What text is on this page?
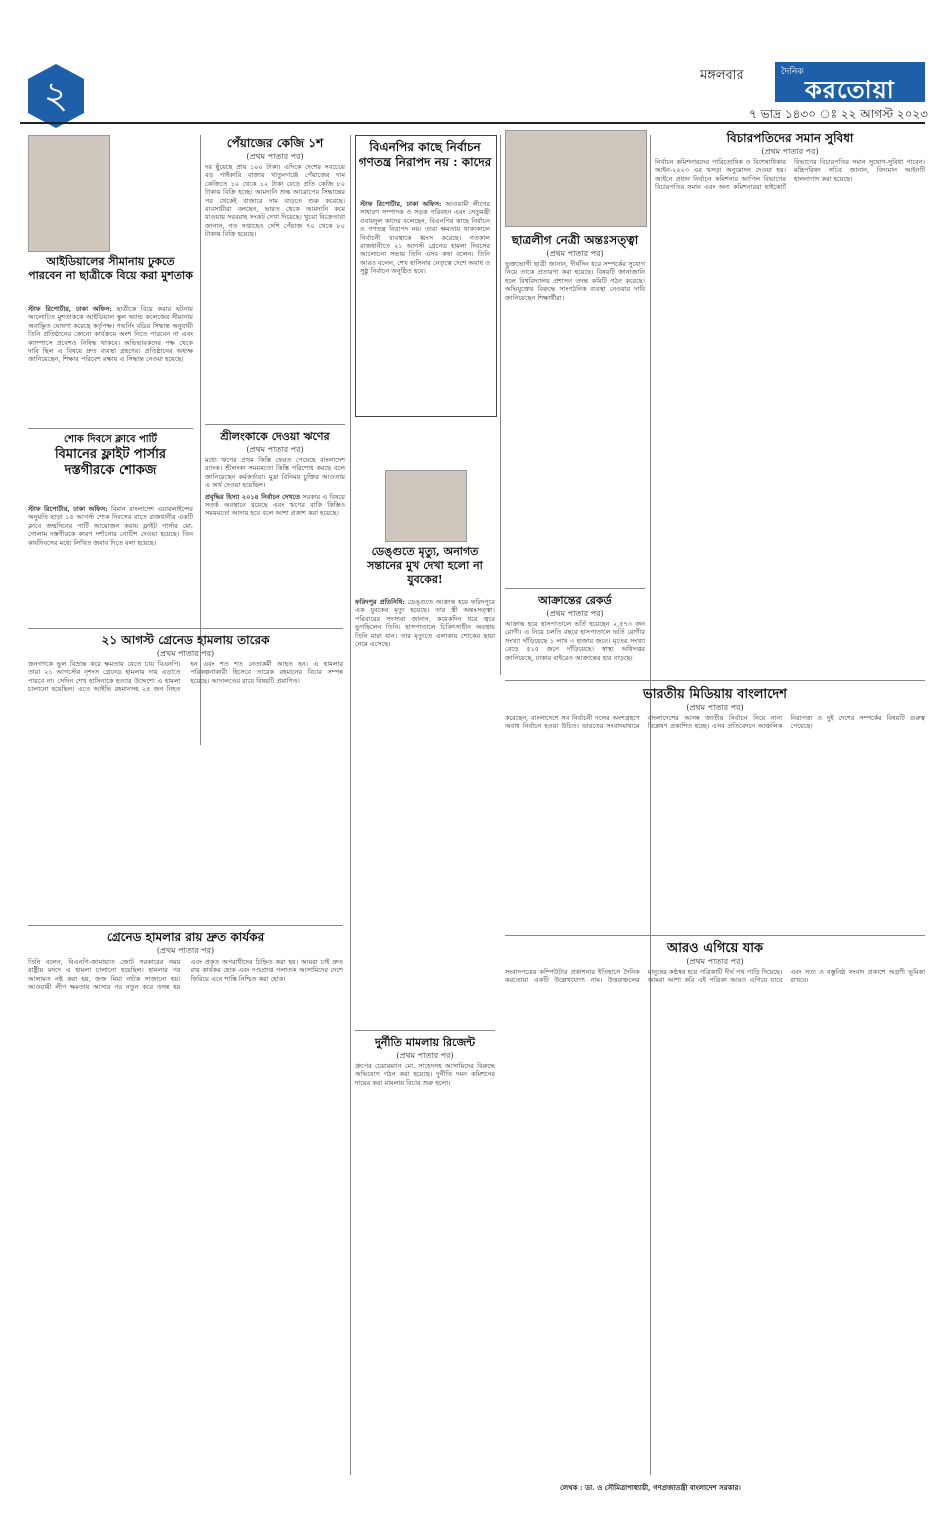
২	মঙ্গলবার	দৈনিক
করতোয়া
৭ ভাদ্র ১৪৩০ ঃ ২২ আগস্ট ২০২৩
আইডিয়ালের সীমানায় ঢুকতে পারবেন না ছাত্রীকে বিয়ে করা মুশতাক

স্টাফ রিপোর্টার, ঢাকা অফিস: ছাত্রীকে বিয়ে করার ঘটনায় আলোচিত মুশতাককে আইডিয়াল স্কুল অ্যান্ড কলেজের সীমানায় অবাঞ্ছিত ঘোষণা করেছে কর্তৃপক্ষ। গভর্নিং বডির সিদ্ধান্ত অনুযায়ী তিনি প্রতিষ্ঠানের কোনো কার্যক্রমে অংশ নিতে পারবেন না এবং ক্যাম্পাসে প্রবেশও নিষিদ্ধ থাকবে। অভিভাবকদের পক্ষ থেকে দাবি ছিল এ বিষয়ে দ্রুত ব্যবস্থা গ্রহণের। প্রতিষ্ঠানের অধ্যক্ষ জানিয়েছেন, শিক্ষার পরিবেশ রক্ষায় এ সিদ্ধান্ত নেওয়া হয়েছে।

শোক দিবসে ক্লাবে পার্টি
বিমানের ফ্লাইট পার্সার দস্তগীরকে শোকজ

স্টাফ রিপোর্টার, ঢাকা অফিস: বিমান বাংলাদেশ এয়ারলাইন্সের অনুমতি ছাড়া ১৫ আগস্ট শোক দিবসের রাতে রাজধানীর একটি ক্লাবে জন্মদিনের পার্টি আয়োজন করায় ফ্লাইট পার্সার মো. গোলাম দস্তগীরকে কারণ দর্শানোর নোটিশ দেওয়া হয়েছে। তিন কার্যদিবসের মধ্যে লিখিত জবাব দিতে বলা হয়েছে।

২১ আগস্ট গ্রেনেড হামলায় তারেক
(প্রথম পাতার পর)

জনগণকে ভুল বিভ্রান্ত করে ক্ষমতায় যেতে চায় বিএনপি। তারা ২১ আগস্টের নৃশংস গ্রেনেড হামলার দায় এড়াতে পারবে না। সেদিন শেখ হাসিনাকে হত্যার উদ্দেশ্যে এ হামলা চালানো হয়েছিল। এতে আইভি রহমানসহ ২৪ জন নিহত হন এবং শত শত নেতাকর্মী আহত হন। এ হামলার পরিকল্পনাকারী হিসেবে তারেক রহমানের বিচার সম্পন্ন হয়েছে। আদালতের রায়ে বিষয়টি প্রমাণিত।

গ্রেনেড হামলার রায় দ্রুত কার্যকর
(প্রথম পাতার পর)

তিনি বলেন, বিএনপি-জামায়াত জোট সরকারের সময় রাষ্ট্রীয় মদদে এ হামলা চালানো হয়েছিল। হামলার পর আলামত নষ্ট করা হয়, জজ মিয়া নাটক সাজানো হয়। আওয়ামী লীগ ক্ষমতায় আসার পর নতুন করে তদন্ত হয় এবং প্রকৃত অপরাধীদের চিহ্নিত করা হয়। আমরা চাই দ্রুত রায় কার্যকর হোক এবং দণ্ডপ্রাপ্ত পলাতক আসামিদের দেশে ফিরিয়ে এনে শাস্তি নিশ্চিত করা হোক।

পেঁয়াজের কেজি ১শ
(প্রথম পাতার পর)

দর ছুঁয়েছে প্রায় ১০০ টাকা। এদিকে দেশের সবচেয়ে বড় পাইকারি বাজার খাতুনগঞ্জে পেঁয়াজের দাম কেজিতে ১০ থেকে ১২ টাকা বেড়ে প্রতি কেজি ৮০ টাকায় বিক্রি হচ্ছে। আমদানি শুল্ক আরোপের সিদ্ধান্তের পর থেকেই বাজারে দাম বাড়তে শুরু করেছে। ব্যবসায়ীরা বলছেন, ভারত থেকে আমদানি কমে যাওয়ায় সরবরাহ সংকট দেখা দিয়েছে। খুচরা বিক্রেতারা জানান, গত সপ্তাহেও দেশি পেঁয়াজ ৭০ থেকে ৮০ টাকায় বিক্রি হয়েছে।

শ্রীলংকাকে দেওয়া ঋণের
(প্রথম পাতার পর)

মধ্যে ঋণের প্রথম কিস্তি ফেরত পেয়েছে বাংলাদেশ ব্যাংক। শ্রীলংকা সময়মতো কিস্তি পরিশোধ করছে বলে জানিয়েছেন কর্মকর্তারা। মুদ্রা বিনিময় চুক্তির আওতায় এ অর্থ দেওয়া হয়েছিল।

প্রবৃদ্ধির হিস্যা ২০১৪ নির্বাচন দেখতে সরকার এ বিষয়ে সতর্ক অবস্থানে রয়েছে এবং ঋণের বাকি কিস্তিও সময়মতো আদায় হবে বলে আশা প্রকাশ করা হয়েছে।

বিএনপির কাছে নির্বাচন গণতন্ত্র নিরাপদ নয় : কাদের

স্টাফ রিপোর্টার, ঢাকা অফিস: আওয়ামী লীগের সাধারণ সম্পাদক ও সড়ক পরিবহন এবং সেতুমন্ত্রী ওবায়দুল কাদের বলেছেন, বিএনপির কাছে নির্বাচন ও গণতন্ত্র নিরাপদ নয়। তারা ক্ষমতায় থাকাকালে নির্বাচনী ব্যবস্থাকে ধ্বংস করেছে। গতকাল রাজধানীতে ২১ আগস্ট গ্রেনেড হামলা দিবসের আলোচনা সভায় তিনি এসব কথা বলেন। তিনি আরও বলেন, শেখ হাসিনার নেতৃত্বে দেশে অবাধ ও সুষ্ঠু নির্বাচন অনুষ্ঠিত হবে।

ডেঙ্গুতে মৃত্যু, অনাগত সন্তানের মুখ দেখা হলো না যুবকের!

ফরিদপুর প্রতিনিধি: ডেঙ্গুতে আক্রান্ত হয়ে ফরিদপুরে এক যুবকের মৃত্যু হয়েছে। তার স্ত্রী অন্তঃসত্ত্বা। পরিবারের সদস্যরা জানান, কয়েকদিন ধরে জ্বরে ভুগছিলেন তিনি। হাসপাতালে চিকিৎসাধীন অবস্থায় তিনি মারা যান। তার মৃত্যুতে এলাকায় শোকের ছায়া নেমে এসেছে।

দুর্নীতি মামলায় রিজেন্ট
(প্রথম পাতার পর)

গ্রুপের চেয়ারম্যান মো. সাহেদসহ আসামিদের বিরুদ্ধে অভিযোগ গঠন করা হয়েছে। দুর্নীতি দমন কমিশনের দায়ের করা মামলায় বিচার শুরু হলো।

ছাত্রলীগ নেত্রী অন্তঃসত্ত্বা
(প্রথম পাতার পর)

ভুক্তভোগী ছাত্রী জানান, দীর্ঘদিন ধরে সম্পর্কের সুযোগ নিয়ে তাকে প্রতারণা করা হয়েছে। বিষয়টি জানাজানি হলে বিশ্ববিদ্যালয় প্রশাসন তদন্ত কমিটি গঠন করেছে। অভিযুক্তের বিরুদ্ধে সাংগঠনিক ব্যবস্থা নেওয়ার দাবি জানিয়েছেন শিক্ষার্থীরা।

আক্রান্তের রেকর্ড
(প্রথম পাতার পর)

আক্রান্ত হয়ে হাসপাতালে ভর্তি হয়েছেন ২,৫৭৩ জন রোগী। এ নিয়ে চলতি বছরে হাসপাতালে ভর্তি রোগীর সংখ্যা দাঁড়িয়েছে ১ লাখ ৩ হাজার জনে। মৃতের সংখ্যা বেড়ে ৫১৫ জনে দাঁড়িয়েছে। স্বাস্থ্য অধিদপ্তর জানিয়েছে, ঢাকার বাইরেও আক্রান্তের হার বাড়ছে।

বিচারপতিদের সমান সুবিধা
(প্রথম পাতার পর)

নির্বাচন কমিশনারদের পারিতোষিক ও বিশেষাধিকার আইন-২০২৩ এর খসড়া অনুমোদন দেওয়া হয়। আইনে প্রধান নির্বাচন কমিশনার আপিল বিভাগের বিচারপতির সমান এবং অন্য কমিশনাররা হাইকোর্ট বিভাগের বিচারপতির সমান সুযোগ-সুবিধা পাবেন। মন্ত্রিপরিষদ সচিব জানান, বিদ্যমান আইনটি হালনাগাদ করা হয়েছে।

ভারতীয় মিডিয়ায় বাংলাদেশ
(প্রথম পাতার পর)

করেছেন, বাংলাদেশে সব নির্বাচনী দলের অংশগ্রহণে অবাধ নির্বাচন হওয়া উচিত। ভারতের সংবাদমাধ্যমে বাংলাদেশের আসন্ন জাতীয় নির্বাচন নিয়ে নানা বিশ্লেষণ প্রকাশিত হচ্ছে। এসব প্রতিবেদনে আঞ্চলিক নিরাপত্তা ও দুই দেশের সম্পর্কের বিষয়টি গুরুত্ব পেয়েছে।

আরও এগিয়ে যাক
(প্রথম পাতার পর)

সংবাদপত্রের কম্পিউটার প্রকাশনার ইতিহাসে দৈনিক করতোয়া একটি উল্লেখযোগ্য নাম। উত্তরাঞ্চলের মানুষের কণ্ঠস্বর হয়ে পত্রিকাটি দীর্ঘ পথ পাড়ি দিয়েছে। আমরা আশা করি এই পত্রিকা আরও এগিয়ে যাবে এবং সত্য ও বস্তুনিষ্ঠ সংবাদ প্রকাশে অগ্রণী ভূমিকা রাখবে।

লেখক : ডা. ও সৌমিত্রাপাধ্যায়ী, গণপ্রজাতন্ত্রী বাংলাদেশ সরকার।
